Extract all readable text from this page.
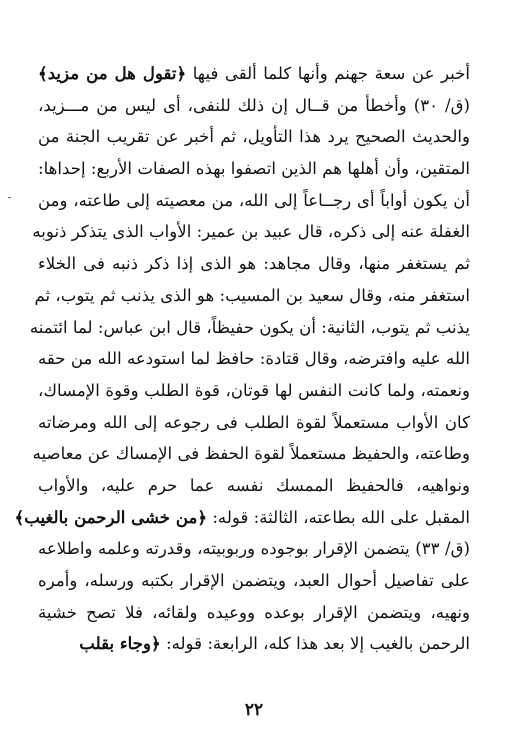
أخبر عن سعة جهنم وأنها كلما ألقى فيها ﴿تقول هل من مزيد﴾
(ق/ ٣٠) وأخطأ من قــال إن ذلك للنفى، أى ليس من مـــزيد،
والحديث الصحيح يرد هذا التأويل، ثم أخبر عن تقريب الجنة من
المتقين، وأن أهلها هم الذين اتصفوا بهذه الصفات الأربع: إحداها:
أن يكون أواباً أى رجــاعاً إلى الله، من معصيته إلى طاعته، ومن
الغفلة عنه إلى ذكره، قال عبيد بن عمير: الأواب الذى يتذكر ذنوبه
ثم يستغفر منها، وقال مجاهد: هو الذى إذا ذكر ذنبه فى الخلاء
استغفر منه، وقال سعيد بن المسيب: هو الذى يذنب ثم يتوب، ثم
يذنب ثم يتوب، الثانية: أن يكون حفيظاً، قال ابن عباس: لما ائتمنه
الله عليه وافترضه، وقال قتادة: حافظ لما استودعه الله من حقه
ونعمته، ولما كانت النفس لها قوتان، قوة الطلب وقوة الإمساك،
كان الأواب مستعملاً لقوة الطلب فى رجوعه إلى الله ومرضاته
وطاعته، والحفيظ مستعملاً لقوة الحفظ فى الإمساك عن معاصيه
ونواهيه، فالحفيظ الممسك نفسه عما حرم عليه، والأواب
المقبل على الله بطاعته، الثالثة: قوله: ﴿من خشى الرحمن بالغيب﴾
(ق/ ٣٣) يتضمن الإقرار بوجوده وربوبيته، وقدرته وعلمه واطلاعه
على تفاصيل أحوال العبد، ويتضمن الإقرار بكتبه ورسله، وأمره
ونهيه، ويتضمن الإقرار بوعده ووعيده ولقائه، فلا تصح خشية
الرحمن بالغيب إلا بعد هذا كله، الرابعة: قوله: ﴿وجاء بقلب
ـ
٢٢
